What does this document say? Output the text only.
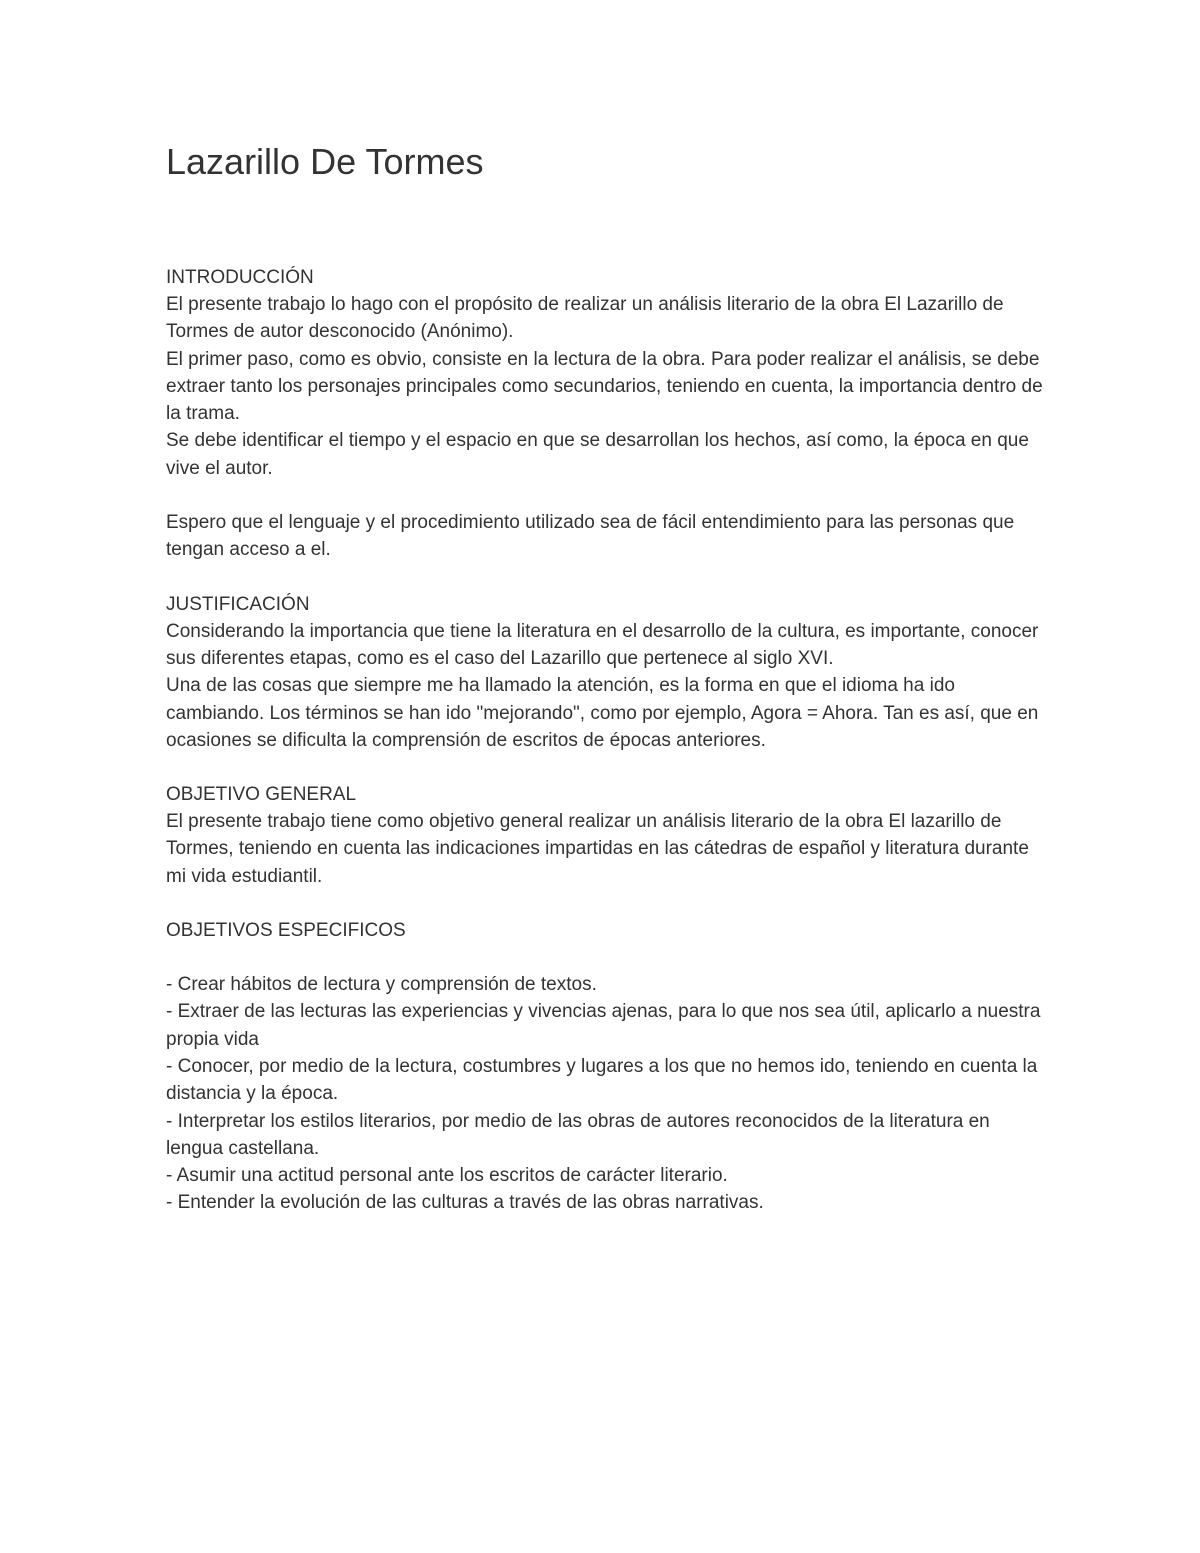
Lazarillo De Tormes

INTRODUCCIÓN

El presente trabajo lo hago con el propósito de realizar un análisis literario de la obra El Lazarillo de Tormes de autor desconocido (Anónimo).

El primer paso, como es obvio, consiste en la lectura de la obra. Para poder realizar el análisis, se debe extraer tanto los personajes principales como secundarios, teniendo en cuenta, la importancia dentro de la trama.

Se debe identificar el tiempo y el espacio en que se desarrollan los hechos, así como, la época en que vive el autor.

Espero que el lenguaje y el procedimiento utilizado sea de fácil entendimiento para las personas que tengan acceso a el.

JUSTIFICACIÓN

Considerando la importancia que tiene la literatura en el desarrollo de la cultura, es importante, conocer sus diferentes etapas, como es el caso del Lazarillo que pertenece al siglo XVI.

Una de las cosas que siempre me ha llamado la atención, es la forma en que el idioma ha ido cambiando. Los términos se han ido "mejorando", como por ejemplo, Agora = Ahora. Tan es así, que en ocasiones se dificulta la comprensión de escritos de épocas anteriores.

OBJETIVO GENERAL

El presente trabajo tiene como objetivo general realizar un análisis literario de la obra El lazarillo de Tormes, teniendo en cuenta las indicaciones impartidas en las cátedras de español y literatura durante mi vida estudiantil.

OBJETIVOS ESPECIFICOS

- Crear hábitos de lectura y comprensión de textos.
- Extraer de las lecturas las experiencias y vivencias ajenas, para lo que nos sea útil, aplicarlo a nuestra propia vida
- Conocer, por medio de la lectura, costumbres y lugares a los que no hemos ido, teniendo en cuenta la distancia y la época.
- Interpretar los estilos literarios, por medio de las obras de autores reconocidos de la literatura en lengua castellana.
- Asumir una actitud personal ante los escritos de carácter literario.
- Entender la evolución de las culturas a través de las obras narrativas.
